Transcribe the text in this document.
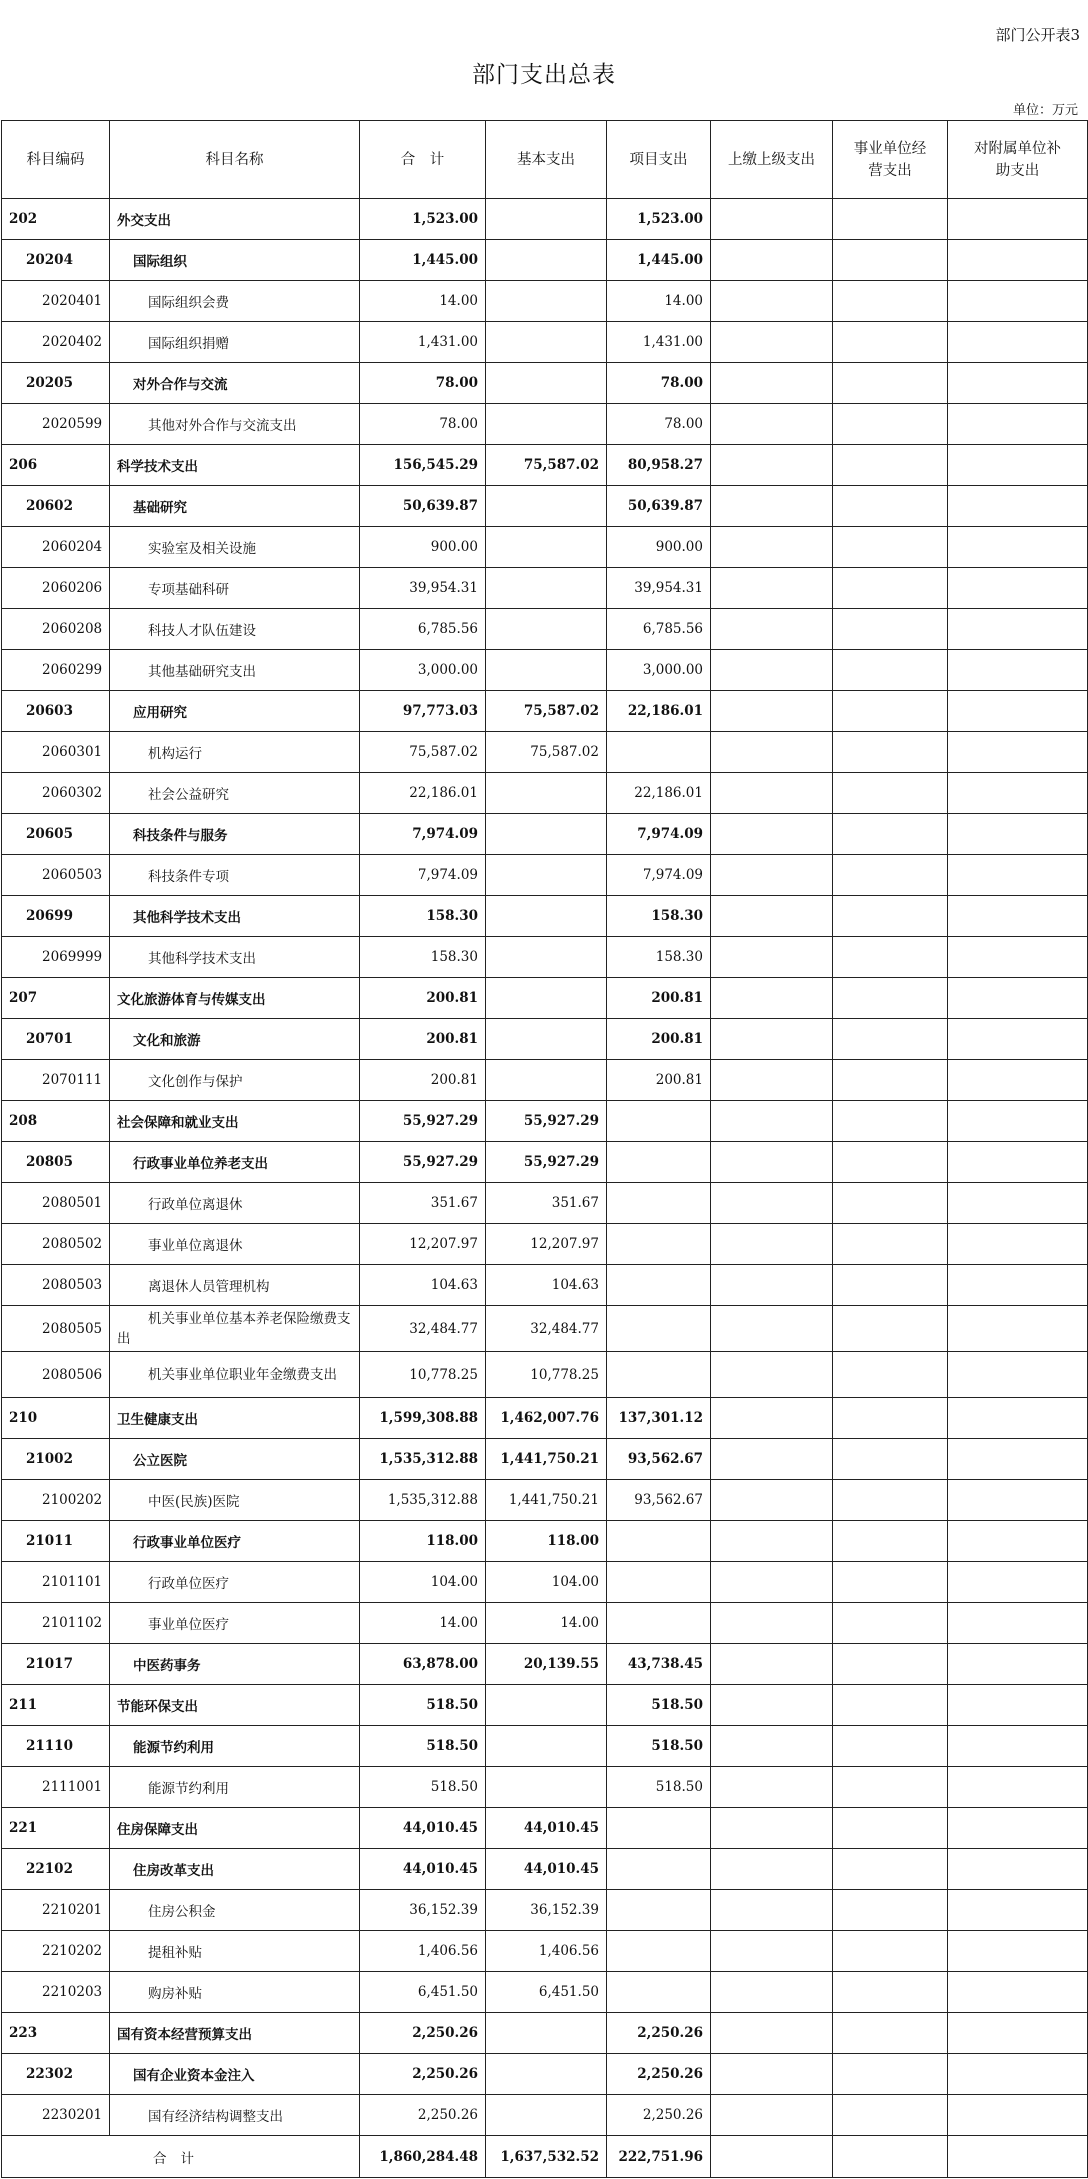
部门公开表3
部门支出总表
单位：万元
科目编码	科目名称	合　计	基本支出	项目支出	上缴上级支出	事业单位经营支出	对附属单位补助支出
202	外交支出	1,523.00		1,523.00			
20204	国际组织	1,445.00		1,445.00			
2020401	国际组织会费	14.00		14.00			
2020402	国际组织捐赠	1,431.00		1,431.00			
20205	对外合作与交流	78.00		78.00			
2020599	其他对外合作与交流支出	78.00		78.00			
206	科学技术支出	156,545.29	75,587.02	80,958.27			
20602	基础研究	50,639.87		50,639.87			
2060204	实验室及相关设施	900.00		900.00			
2060206	专项基础科研	39,954.31		39,954.31			
2060208	科技人才队伍建设	6,785.56		6,785.56			
2060299	其他基础研究支出	3,000.00		3,000.00			
20603	应用研究	97,773.03	75,587.02	22,186.01			
2060301	机构运行	75,587.02	75,587.02				
2060302	社会公益研究	22,186.01		22,186.01			
20605	科技条件与服务	7,974.09		7,974.09			
2060503	科技条件专项	7,974.09		7,974.09			
20699	其他科学技术支出	158.30		158.30			
2069999	其他科学技术支出	158.30		158.30			
207	文化旅游体育与传媒支出	200.81		200.81			
20701	文化和旅游	200.81		200.81			
2070111	文化创作与保护	200.81		200.81			
208	社会保障和就业支出	55,927.29	55,927.29				
20805	行政事业单位养老支出	55,927.29	55,927.29				
2080501	行政单位离退休	351.67	351.67				
2080502	事业单位离退休	12,207.97	12,207.97				
2080503	离退休人员管理机构	104.63	104.63				
2080505	机关事业单位基本养老保险缴费支出	32,484.77	32,484.77				
2080506	机关事业单位职业年金缴费支出	10,778.25	10,778.25				
210	卫生健康支出	1,599,308.88	1,462,007.76	137,301.12			
21002	公立医院	1,535,312.88	1,441,750.21	93,562.67			
2100202	中医(民族)医院	1,535,312.88	1,441,750.21	93,562.67			
21011	行政事业单位医疗	118.00	118.00				
2101101	行政单位医疗	104.00	104.00				
2101102	事业单位医疗	14.00	14.00				
21017	中医药事务	63,878.00	20,139.55	43,738.45			
211	节能环保支出	518.50		518.50			
21110	能源节约利用	518.50		518.50			
2111001	能源节约利用	518.50		518.50			
221	住房保障支出	44,010.45	44,010.45				
22102	住房改革支出	44,010.45	44,010.45				
2210201	住房公积金	36,152.39	36,152.39				
2210202	提租补贴	1,406.56	1,406.56				
2210203	购房补贴	6,451.50	6,451.50				
223	国有资本经营预算支出	2,250.26		2,250.26			
22302	国有企业资本金注入	2,250.26		2,250.26			
2230201	国有经济结构调整支出	2,250.26		2,250.26			
合计		1,860,284.48	1,637,532.52	222,751.96			
